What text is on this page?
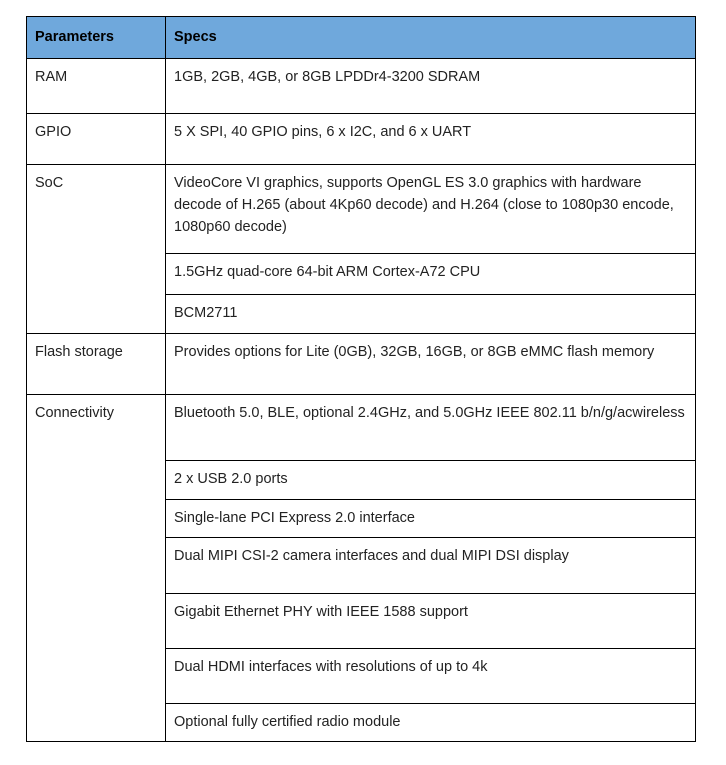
Parameters	Specs
RAM	1GB, 2GB, 4GB, or 8GB LPDDr4-3200 SDRAM
GPIO	5 X SPI, 40 GPIO pins, 6 x I2C, and 6 x UART
SoC	VideoCore VI graphics, supports OpenGL ES 3.0 graphics with hardware decode of H.265 (about 4Kp60 decode) and H.264 (close to 1080p30 encode, 1080p60 decode)
	1.5GHz quad-core 64-bit ARM Cortex-A72 CPU
	BCM2711
Flash storage	Provides options for Lite (0GB), 32GB, 16GB, or 8GB eMMC flash memory
Connectivity	Bluetooth 5.0, BLE, optional 2.4GHz, and 5.0GHz IEEE 802.11 b/n/g/acwireless
	2 x USB 2.0 ports
	Single-lane PCI Express 2.0 interface
	Dual MIPI CSI-2 camera interfaces and dual MIPI DSI display
	Gigabit Ethernet PHY with IEEE 1588 support
	Dual HDMI interfaces with resolutions of up to 4k
	Optional fully certified radio module
